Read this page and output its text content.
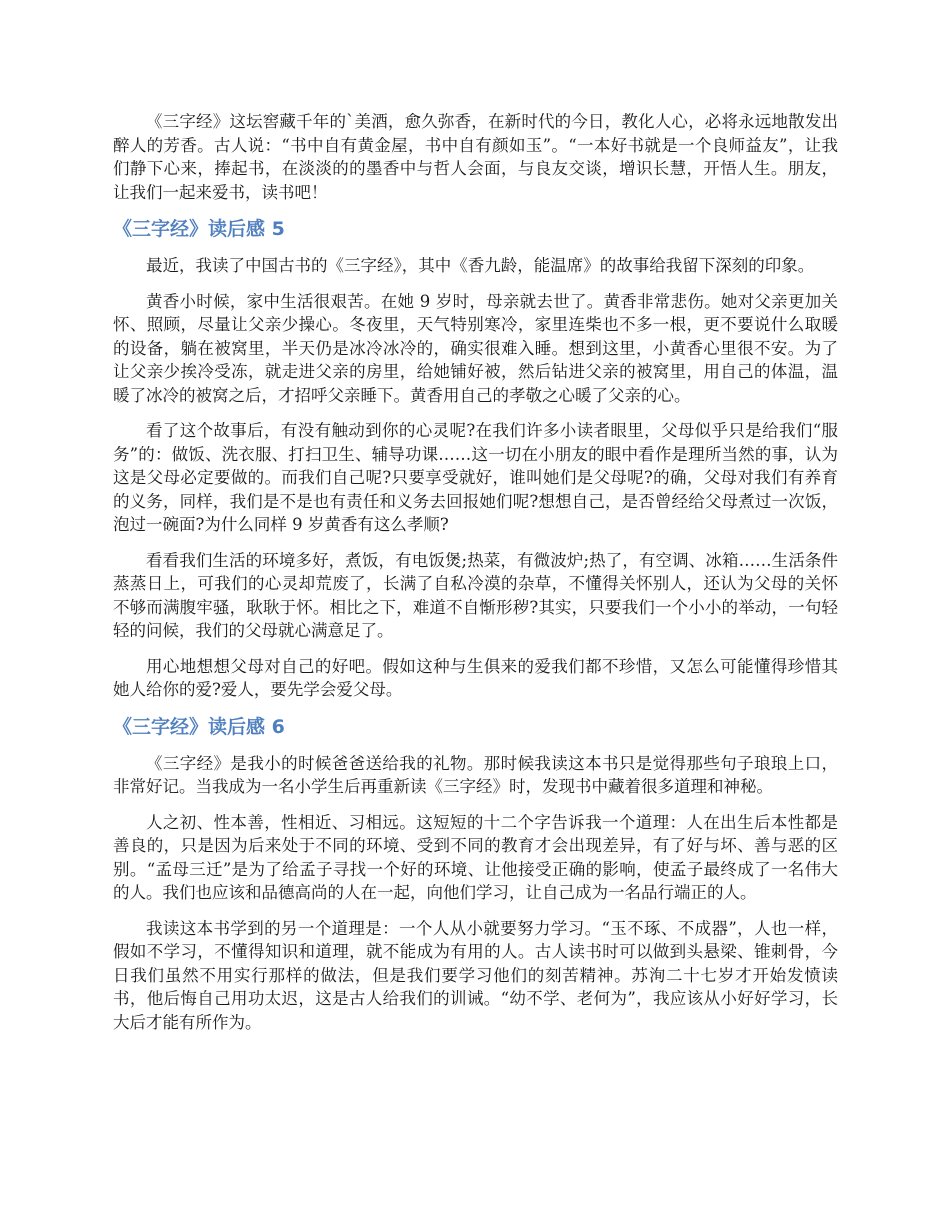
《三字经》这坛窖藏千年的`美酒，愈久弥香，在新时代的今日，教化人心，必将永远地散发出醉人的芳香。古人说：“书中自有黄金屋，书中自有颜如玉”。“一本好书就是一个良师益友”，让我们静下心来，捧起书，在淡淡的的墨香中与哲人会面，与良友交谈，增识长慧，开悟人生。朋友，让我们一起来爱书，读书吧！

《三字经》读后感 5

最近，我读了中国古书的《三字经》，其中《香九龄，能温席》的故事给我留下深刻的印象。

黄香小时候，家中生活很艰苦。在她 9 岁时，母亲就去世了。黄香非常悲伤。她对父亲更加关怀、照顾，尽量让父亲少操心。冬夜里，天气特别寒冷，家里连柴也不多一根，更不要说什么取暖的设备，躺在被窝里，半天仍是冰冷冰冷的，确实很难入睡。想到这里，小黄香心里很不安。为了让父亲少挨冷受冻，就走进父亲的房里，给她铺好被，然后钻进父亲的被窝里，用自己的体温，温暖了冰冷的被窝之后，才招呼父亲睡下。黄香用自己的孝敬之心暖了父亲的心。

看了这个故事后，有没有触动到你的心灵呢?在我们许多小读者眼里，父母似乎只是给我们“服务”的：做饭、洗衣服、打扫卫生、辅导功课……这一切在小朋友的眼中看作是理所当然的事，认为这是父母必定要做的。而我们自己呢?只要享受就好，谁叫她们是父母呢?的确，父母对我们有养育的义务，同样，我们是不是也有责任和义务去回报她们呢?想想自己，是否曾经给父母煮过一次饭，泡过一碗面?为什么同样 9 岁黄香有这么孝顺?

看看我们生活的环境多好，煮饭，有电饭煲;热菜，有微波炉;热了，有空调、冰箱……生活条件蒸蒸日上，可我们的心灵却荒废了，长满了自私冷漠的杂草，不懂得关怀别人，还认为父母的关怀不够而满腹牢骚，耿耿于怀。相比之下，难道不自惭形秽?其实，只要我们一个小小的举动，一句轻轻的问候，我们的父母就心满意足了。

用心地想想父母对自己的好吧。假如这种与生俱来的爱我们都不珍惜，又怎么可能懂得珍惜其她人给你的爱?爱人，要先学会爱父母。

《三字经》读后感 6

《三字经》是我小的时候爸爸送给我的礼物。那时候我读这本书只是觉得那些句子琅琅上口，非常好记。当我成为一名小学生后再重新读《三字经》时，发现书中藏着很多道理和神秘。

人之初、性本善，性相近、习相远。这短短的十二个字告诉我一个道理：人在出生后本性都是善良的，只是因为后来处于不同的环境、受到不同的教育才会出现差异，有了好与坏、善与恶的区别。“孟母三迁”是为了给孟子寻找一个好的环境、让他接受正确的影响，使孟子最终成了一名伟大的人。我们也应该和品德高尚的人在一起，向他们学习，让自己成为一名品行端正的人。

我读这本书学到的另一个道理是：一个人从小就要努力学习。“玉不琢、不成器”，人也一样，假如不学习，不懂得知识和道理，就不能成为有用的人。古人读书时可以做到头悬梁、锥刺骨，今日我们虽然不用实行那样的做法，但是我们要学习他们的刻苦精神。苏洵二十七岁才开始发愤读书，他后悔自己用功太迟，这是古人给我们的训诫。“幼不学、老何为”，我应该从小好好学习，长大后才能有所作为。
